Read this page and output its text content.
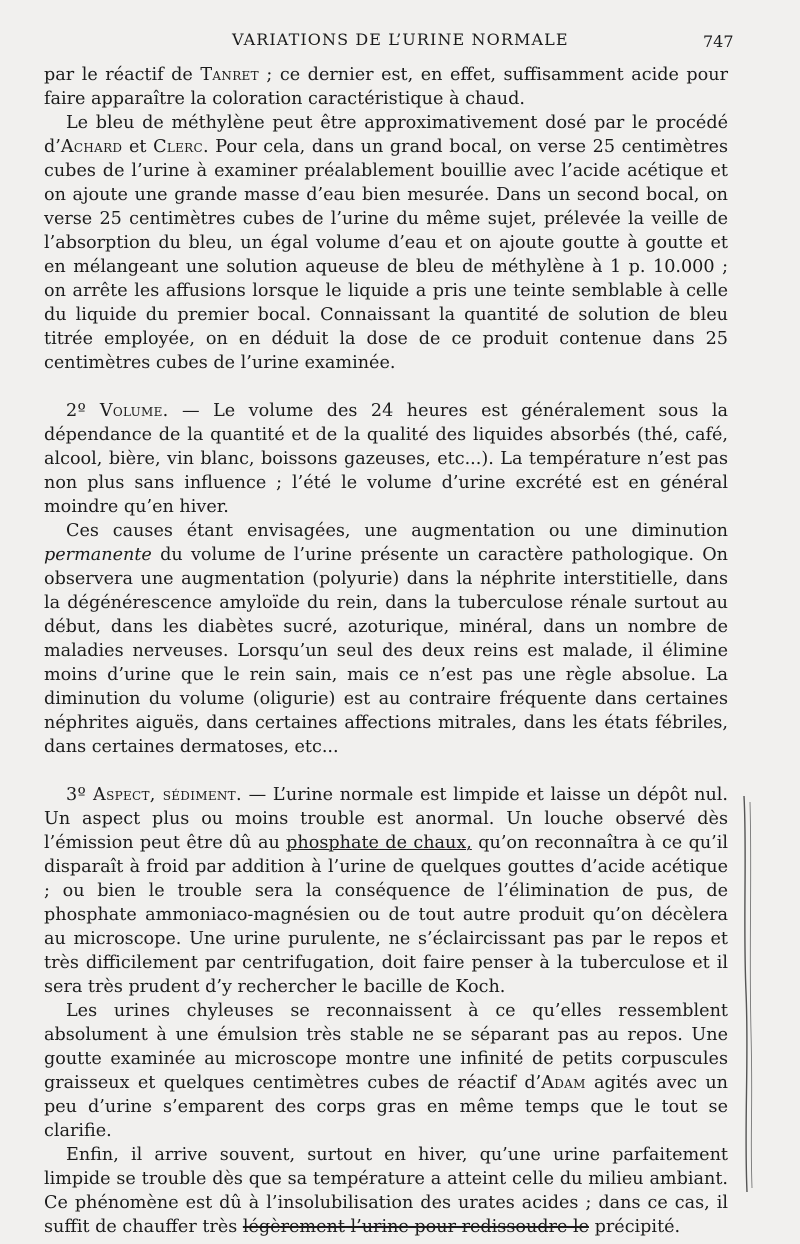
VARIATIONS DE L’URINE NORMALE	747

par le réactif de Tanret ; ce dernier est, en effet, suffisamment acide pour faire apparaître la coloration caractéristique à chaud.

Le bleu de méthylène peut être approximativement dosé par le procédé d’Achard et Clerc. Pour cela, dans un grand bocal, on verse 25 centimètres cubes de l’urine à examiner préalablement bouillie avec l’acide acétique et on ajoute une grande masse d’eau bien mesurée. Dans un second bocal, on verse 25 centimètres cubes de l’urine du même sujet, prélevée la veille de l’absorption du bleu, un égal volume d’eau et on ajoute goutte à goutte et en mélangeant une solution aqueuse de bleu de méthylène à 1 p. 10.000 ; on arrête les affusions lorsque le liquide a pris une teinte semblable à celle du liquide du premier bocal. Connaissant la quantité de solution de bleu titrée employée, on en déduit la dose de ce produit contenue dans 25 centimètres cubes de l’urine examinée.

2º Volume. — Le volume des 24 heures est généralement sous la dépendance de la quantité et de la qualité des liquides absorbés (thé, café, alcool, bière, vin blanc, boissons gazeuses, etc...). La température n’est pas non plus sans influence ; l’été le volume d’urine excrété est en général moindre qu’en hiver.

Ces causes étant envisagées, une augmentation ou une diminution permanente du volume de l’urine présente un caractère pathologique. On observera une augmentation (polyurie) dans la néphrite interstitielle, dans la dégénérescence amyloïde du rein, dans la tuberculose rénale surtout au début, dans les diabètes sucré, azoturique, minéral, dans un nombre de maladies nerveuses. Lorsqu’un seul des deux reins est malade, il élimine moins d’urine que le rein sain, mais ce n’est pas une règle absolue. La diminution du volume (oligurie) est au contraire fréquente dans certaines néphrites aiguës, dans certaines affections mitrales, dans les états fébriles, dans certaines dermatoses, etc...

3º Aspect, sédiment. — L’urine normale est limpide et laisse un dépôt nul. Un aspect plus ou moins trouble est anormal. Un louche observé dès l’émission peut être dû au phosphate de chaux, qu’on reconnaîtra à ce qu’il disparaît à froid par addition à l’urine de quelques gouttes d’acide acétique ; ou bien le trouble sera la conséquence de l’élimination de pus, de phosphate ammoniaco-magnésien ou de tout autre produit qu’on décèlera au microscope. Une urine purulente, ne s’éclaircissant pas par le repos et très difficilement par centrifugation, doit faire penser à la tuberculose et il sera très prudent d’y rechercher le bacille de Koch.

Les urines chyleuses se reconnaissent à ce qu’elles ressemblent absolument à une émulsion très stable ne se séparant pas au repos. Une goutte examinée au microscope montre une infinité de petits corpuscules graisseux et quelques centimètres cubes de réactif d’Adam agités avec un peu d’urine s’emparent des corps gras en même temps que le tout se clarifie.

Enfin, il arrive souvent, surtout en hiver, qu’une urine parfaitement limpide se trouble dès que sa température a atteint celle du milieu ambiant. Ce phénomène est dû à l’insolubilisation des urates acides ; dans ce cas, il suffit de chauffer très légèrement l’urine pour redissoudre le précipité.
